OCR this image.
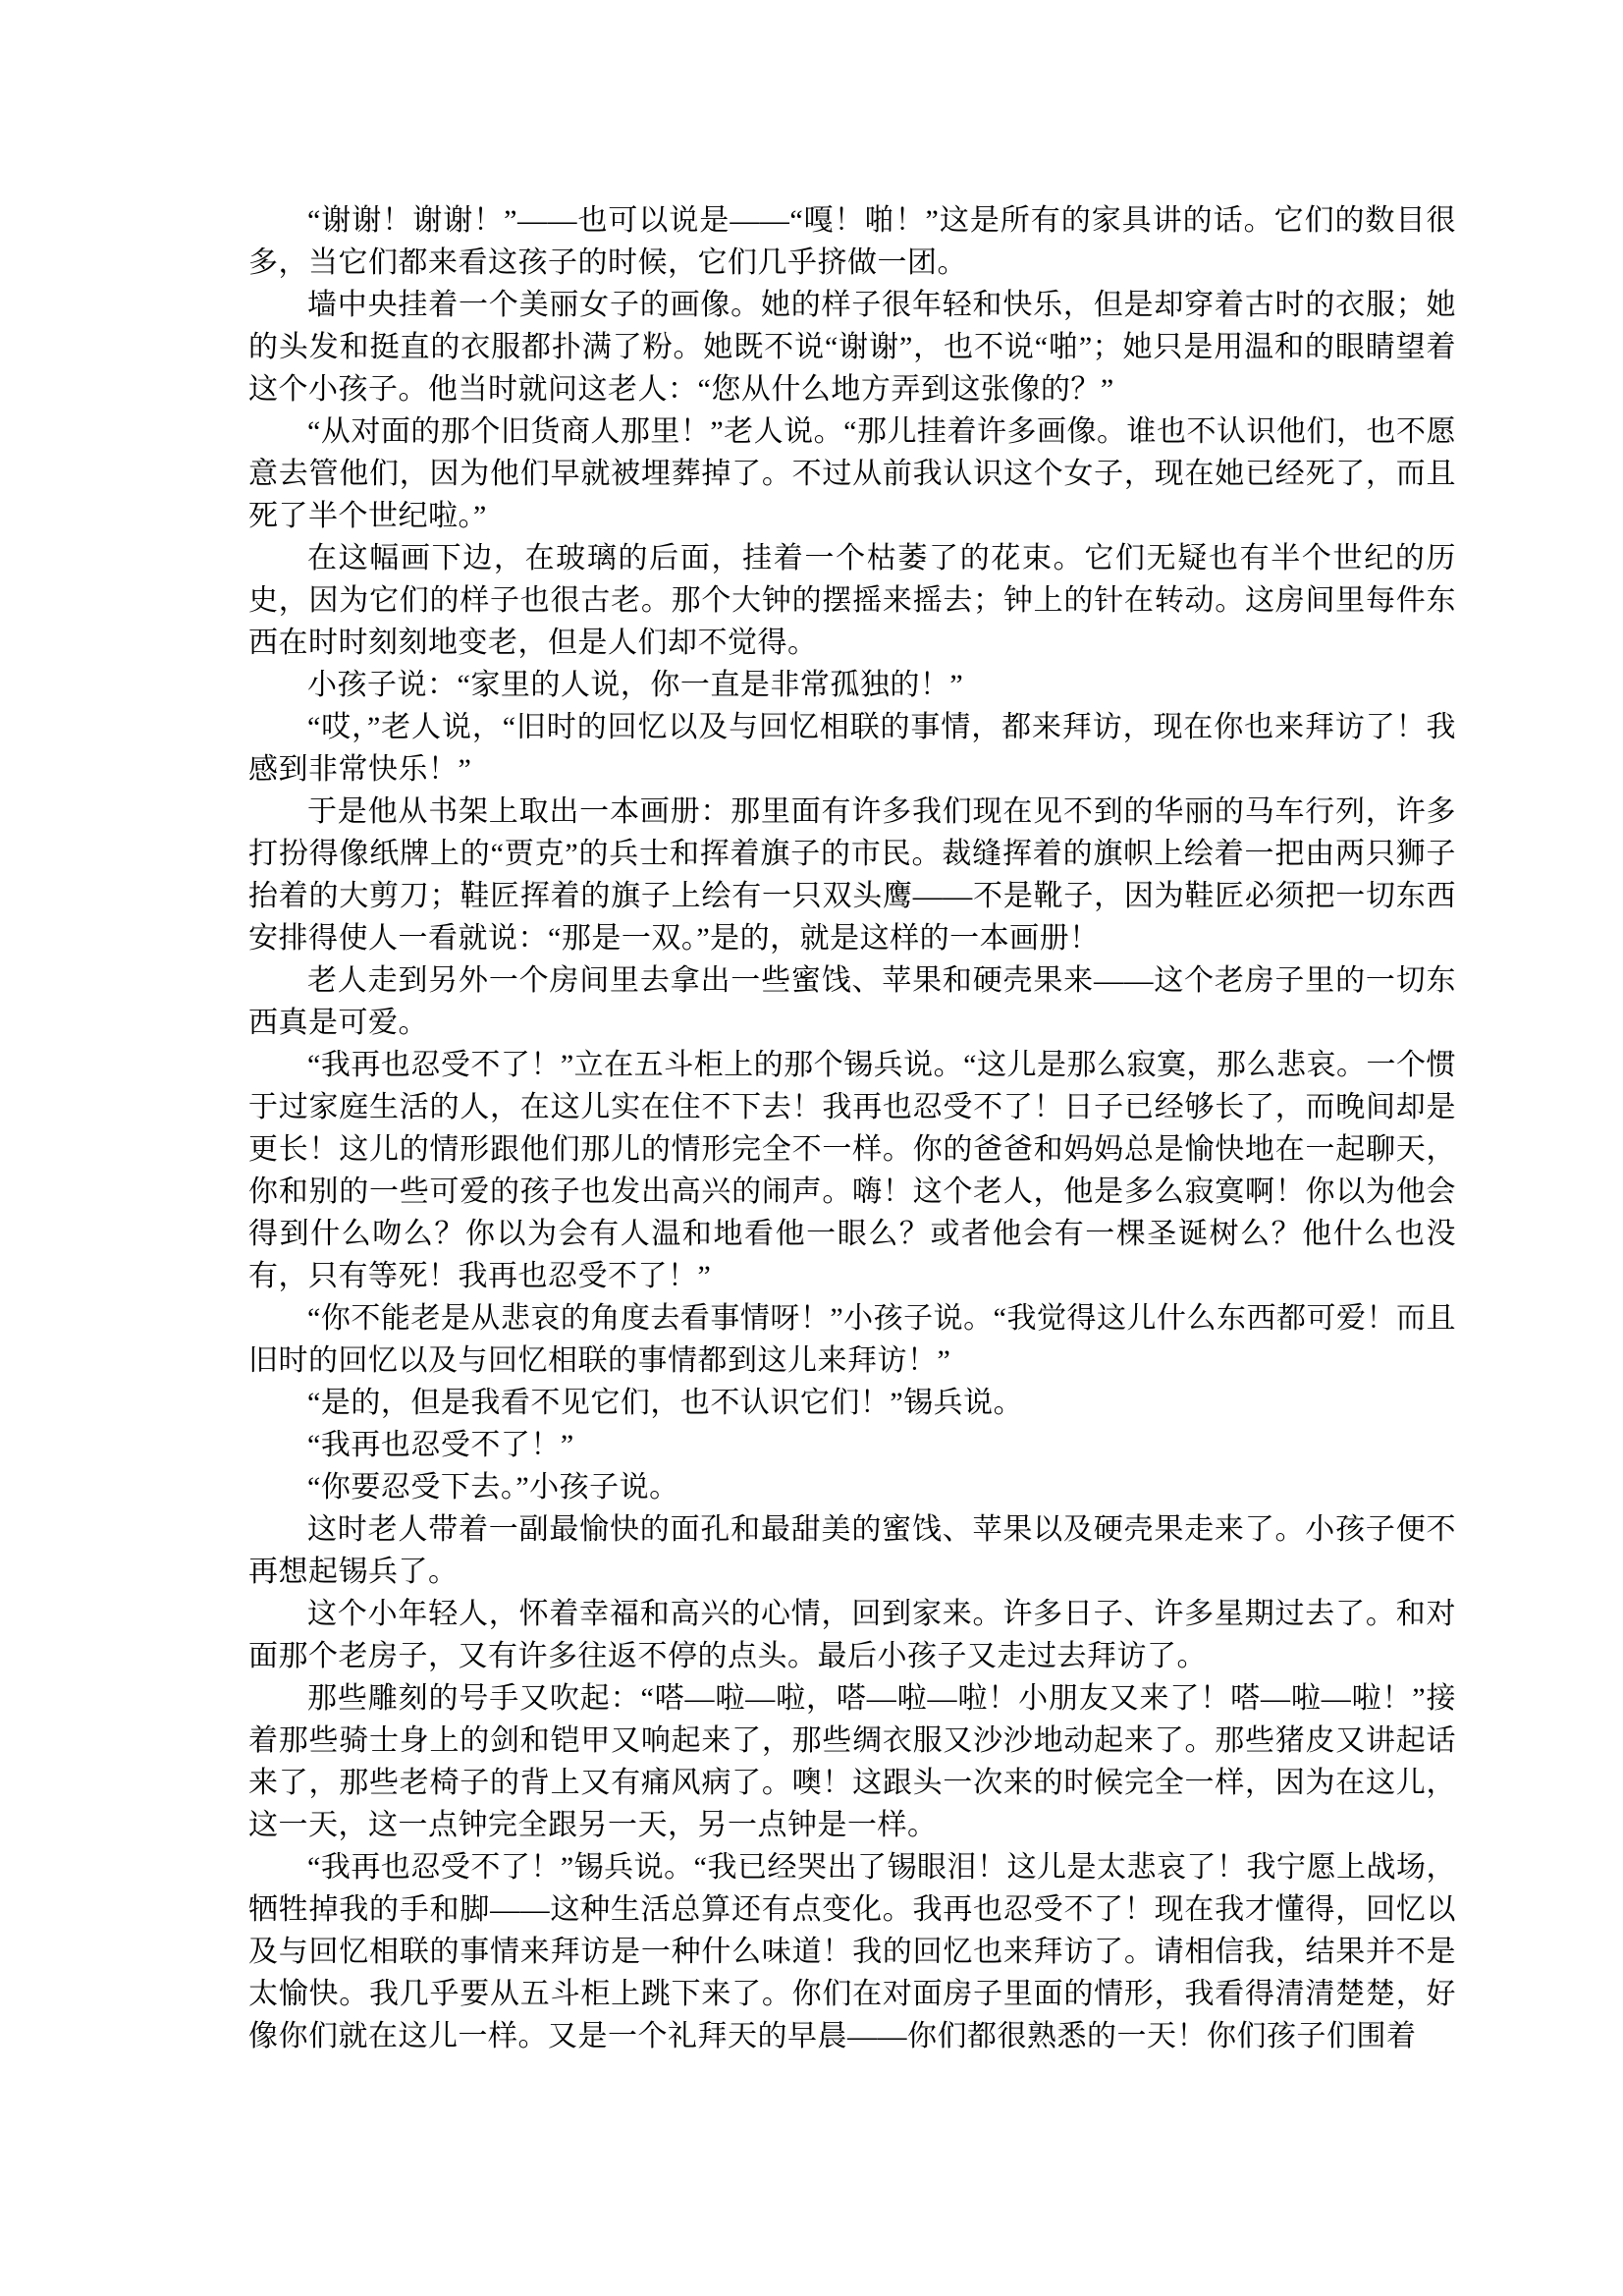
“谢谢！谢谢！”——也可以说是——“嘎！啪！”这是所有的家具讲的话。它们的数目很多，当它们都来看这孩子的时候，它们几乎挤做一团。

墙中央挂着一个美丽女子的画像。她的样子很年轻和快乐，但是却穿着古时的衣服；她的头发和挺直的衣服都扑满了粉。她既不说“谢谢”，也不说“啪”；她只是用温和的眼睛望着这个小孩子。他当时就问这老人：“您从什么地方弄到这张像的？”

“从对面的那个旧货商人那里！”老人说。“那儿挂着许多画像。谁也不认识他们，也不愿意去管他们，因为他们早就被埋葬掉了。不过从前我认识这个女子，现在她已经死了，而且死了半个世纪啦。”

在这幅画下边，在玻璃的后面，挂着一个枯萎了的花束。它们无疑也有半个世纪的历史，因为它们的样子也很古老。那个大钟的摆摇来摇去；钟上的针在转动。这房间里每件东西在时时刻刻地变老，但是人们却不觉得。

小孩子说：“家里的人说，你一直是非常孤独的！”

“哎，”老人说，“旧时的回忆以及与回忆相联的事情，都来拜访，现在你也来拜访了！我感到非常快乐！”

于是他从书架上取出一本画册：那里面有许多我们现在见不到的华丽的马车行列，许多打扮得像纸牌上的“贾克”的兵士和挥着旗子的市民。裁缝挥着的旗帜上绘着一把由两只狮子抬着的大剪刀；鞋匠挥着的旗子上绘有一只双头鹰——不是靴子，因为鞋匠必须把一切东西安排得使人一看就说：“那是一双。”是的，就是这样的一本画册！

老人走到另外一个房间里去拿出一些蜜饯、苹果和硬壳果来——这个老房子里的一切东西真是可爱。

“我再也忍受不了！”立在五斗柜上的那个锡兵说。“这儿是那么寂寞，那么悲哀。一个惯于过家庭生活的人，在这儿实在住不下去！我再也忍受不了！日子已经够长了，而晚间却是更长！这儿的情形跟他们那儿的情形完全不一样。你的爸爸和妈妈总是愉快地在一起聊天，你和别的一些可爱的孩子也发出高兴的闹声。嗨！这个老人，他是多么寂寞啊！你以为他会得到什么吻么？你以为会有人温和地看他一眼么？或者他会有一棵圣诞树么？他什么也没有，只有等死！我再也忍受不了！”

“你不能老是从悲哀的角度去看事情呀！”小孩子说。“我觉得这儿什么东西都可爱！而且旧时的回忆以及与回忆相联的事情都到这儿来拜访！”

“是的，但是我看不见它们，也不认识它们！”锡兵说。

“我再也忍受不了！”

“你要忍受下去。”小孩子说。

这时老人带着一副最愉快的面孔和最甜美的蜜饯、苹果以及硬壳果走来了。小孩子便不再想起锡兵了。

这个小年轻人，怀着幸福和高兴的心情，回到家来。许多日子、许多星期过去了。和对面那个老房子，又有许多往返不停的点头。最后小孩子又走过去拜访了。

那些雕刻的号手又吹起：“嗒—啦—啦，嗒—啦—啦！小朋友又来了！嗒—啦—啦！”接着那些骑士身上的剑和铠甲又响起来了，那些绸衣服又沙沙地动起来了。那些猪皮又讲起话来了，那些老椅子的背上又有痛风病了。噢！这跟头一次来的时候完全一样，因为在这儿，这一天，这一点钟完全跟另一天，另一点钟是一样。

“我再也忍受不了！”锡兵说。“我已经哭出了锡眼泪！这儿是太悲哀了！我宁愿上战场，牺牲掉我的手和脚——这种生活总算还有点变化。我再也忍受不了！现在我才懂得，回忆以及与回忆相联的事情来拜访是一种什么味道！我的回忆也来拜访了。请相信我，结果并不是太愉快。我几乎要从五斗柜上跳下来了。你们在对面房子里面的情形，我看得清清楚楚，好像你们就在这儿一样。又是一个礼拜天的早晨——你们都很熟悉的一天！你们孩子们围着
